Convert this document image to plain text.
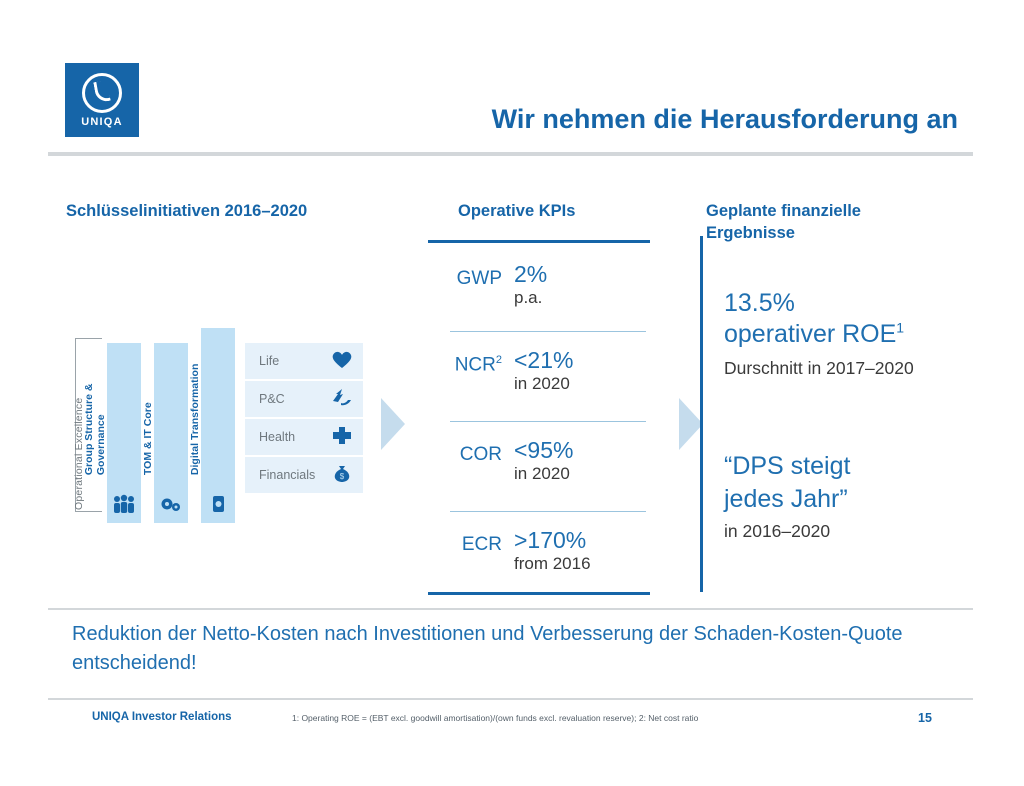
UNIQA	Wir nehmen die Herausforderung an
Schlüsselinitiativen 2016–2020	Operative KPIs	Geplante finanzielle Ergebnisse
Operational Excellence
Group Structure & Governance	TOM & IT Core	Digital Transformation
Life
P&C
Health
Financials	$
GWP 2%
p.a.
$NCR^2 <21\%$
in 2020
COR <95%
in 2020
ECR >170%
from 2016
13.5%
operativer ROE$^1$
Durschnitt in 2017–2020
“DPS steigt
jedes Jahr”
in 2016–2020
Reduktion der Netto-Kosten nach Investitionen und Verbesserung der Schaden-Kosten-Quote entscheidend!
UNIQA Investor Relations	1: Operating ROE = (EBT excl. goodwill amortisation)/(own funds excl. revaluation reserve); 2: Net cost ratio	15
